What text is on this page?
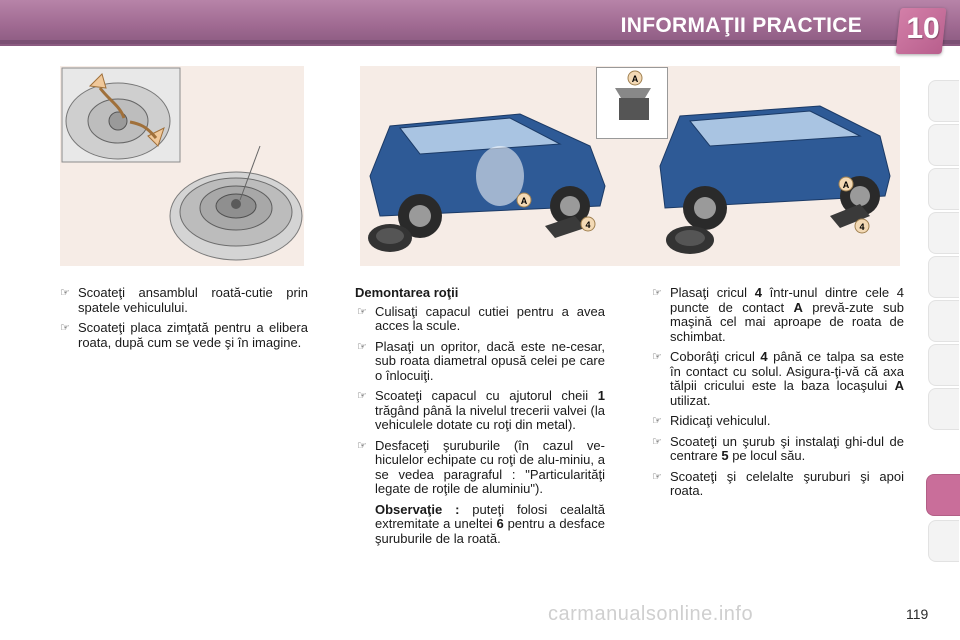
INFORMAŢII PRACTICE 10
4
A
4
A
A
☞ Scoateţi ansamblul roată-cutie prin spatele vehiculului.
☞ Scoateţi placa zimţată pentru a elibera roata, după cum se vede şi în imagine.
Demontarea roţii
☞ Culisaţi capacul cutiei pentru a avea acces la scule.
☞ Plasaţi un opritor, dacă este ne-cesar, sub roata diametral opusă celei pe care o înlocuiţi.
☞ Scoateţi capacul cu ajutorul cheii 1 trăgând până la nivelul trecerii valvei (la vehiculele dotate cu roţi din metal).
☞ Desfaceţi şuruburile (în cazul ve-hiculelor echipate cu roţi de alu-miniu, a se vedea paragraful : "Particularităţi legate de roţile de aluminiu").
Observaţie : puteţi folosi cealaltă extremitate a uneltei 6 pentru a desface şuruburile de la roată.
☞ Plasaţi cricul 4 într-unul dintre cele 4 puncte de contact A prevă-zute sub maşină cel mai aproape de roata de schimbat.
☞ Coborâţi cricul 4 până ce talpa sa este în contact cu solul. Asigura-ţi-vă că axa tălpii cricului este la baza locaşului A utilizat.
☞ Ridicaţi vehiculul.
☞ Scoateţi un şurub şi instalaţi ghi-dul de centrare 5 pe locul său.
☞ Scoateţi şi celelalte şuruburi şi apoi roata.
carmanualsonline.info	119
